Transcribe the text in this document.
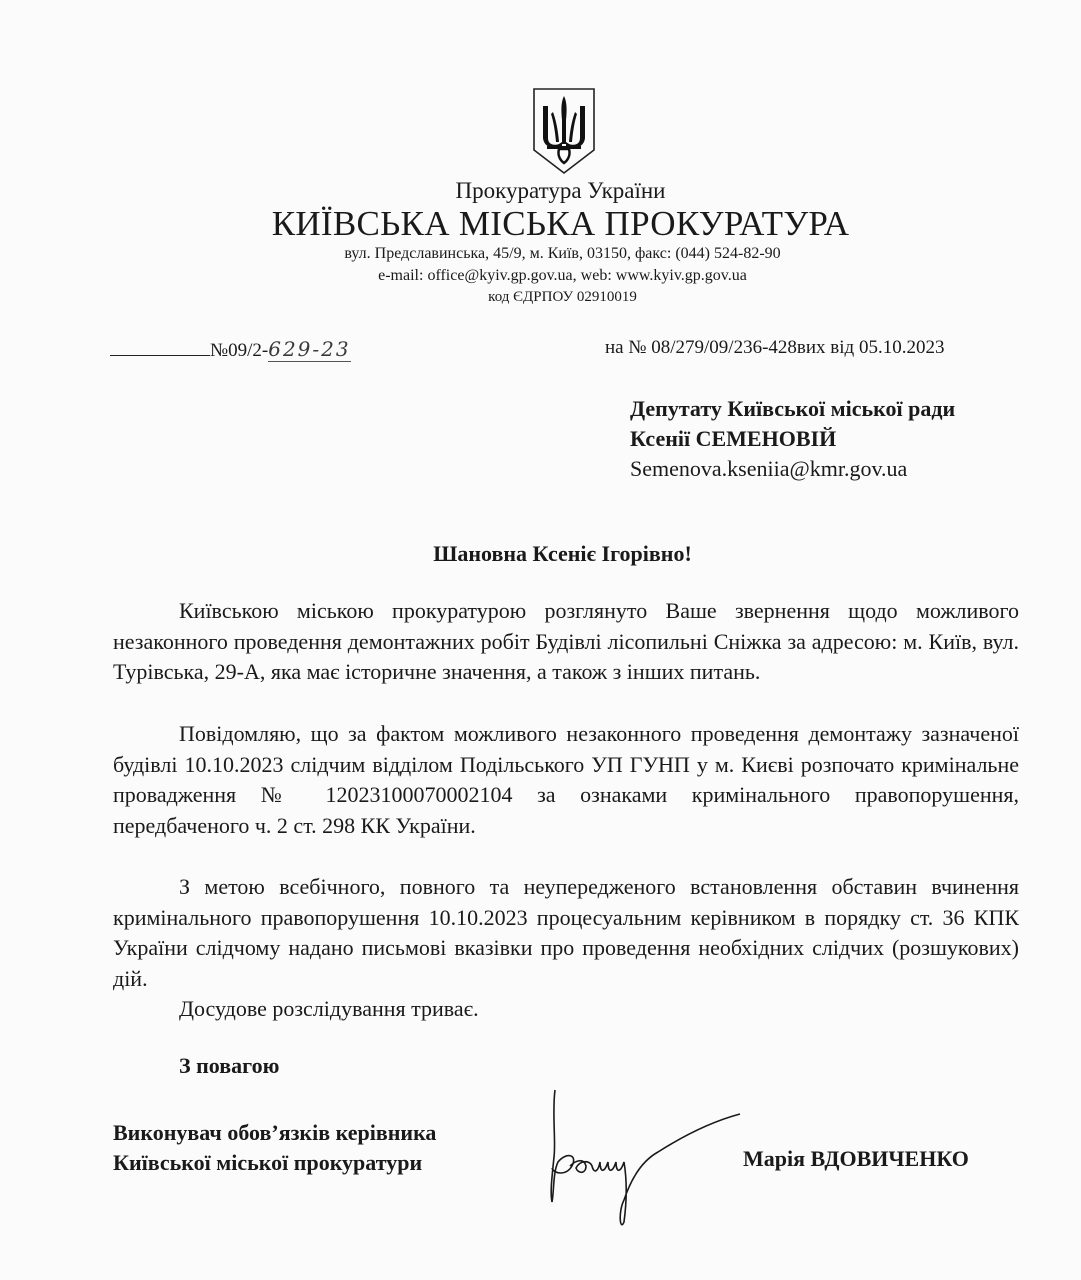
Прокуратура України
КИЇВСЬКА МІСЬКА ПРОКУРАТУРА
вул. Предславинська, 45/9, м. Київ, 03150, факс: (044) 524-82-90
e-mail: office@kyiv.gp.gov.ua, web: www.kyiv.gp.gov.ua
код ЄДРПОУ 02910019
№09/2-629-23	на № 08/279/09/236-428вих від 05.10.2023
Депутату Київської міської ради
Ксенії СЕМЕНОВІЙ
Semenova.kseniia@kmr.gov.ua
Шановна Ксеніє Ігорівно!

Київською міською прокуратурою розглянуто Ваше звернення щодо можливого незаконного проведення демонтажних робіт Будівлі лісопильні Сніжка за адресою: м. Київ, вул. Турівська, 29-А, яка має історичне значення, а також з інших питань.

Повідомляю, що за фактом можливого незаконного проведення демонтажу зазначеної будівлі 10.10.2023 слідчим відділом Подільського УП ГУНП у м. Києві розпочато кримінальне провадження № 12023100070002104 за ознаками кримінального правопорушення, передбаченого ч. 2 ст. 298 КК України.

З метою всебічного, повного та неупередженого встановлення обставин вчинення кримінального правопорушення 10.10.2023 процесуальним керівником в порядку ст. 36 КПК України слідчому надано письмові вказівки про проведення необхідних слідчих (розшукових) дій.

Досудове розслідування триває.

З повагою
Виконувач обов’язків керівника
Київської міської прокуратури	Марія ВДОВИЧЕНКО
